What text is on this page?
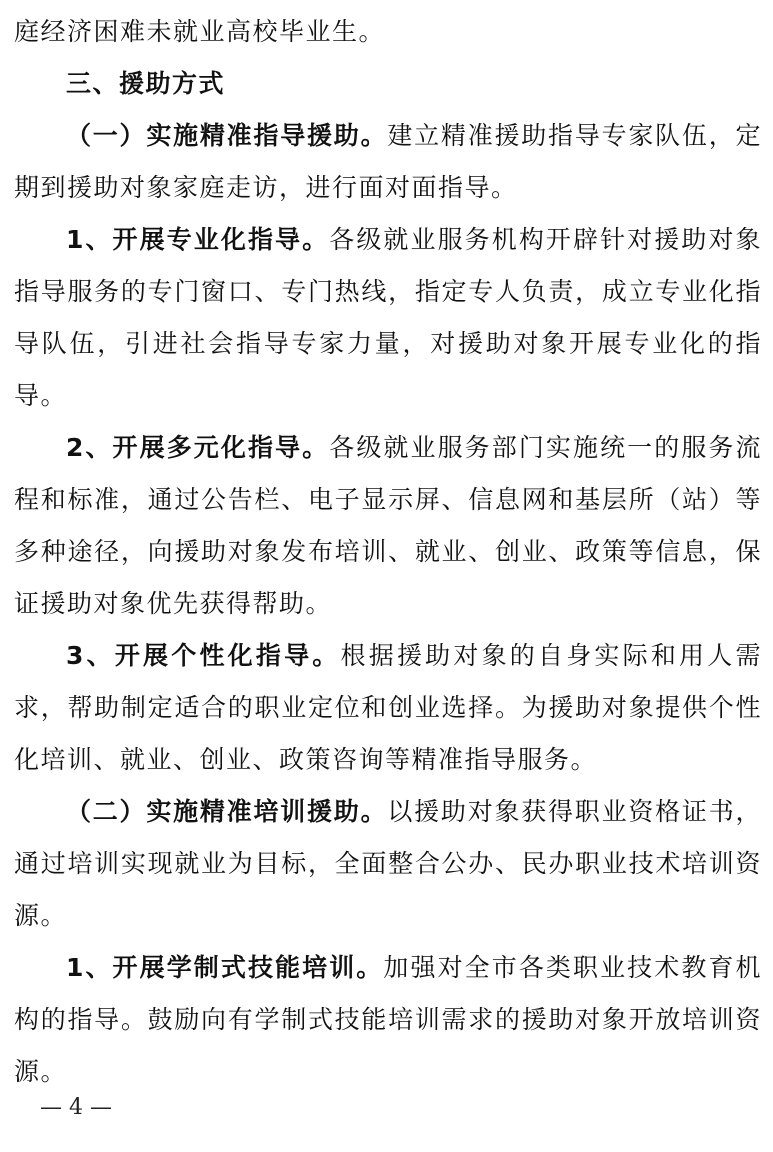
庭经济困难未就业高校毕业生。

三、援助方式

（一）实施精准指导援助。建立精准援助指导专家队伍，定期到援助对象家庭走访，进行面对面指导。

1、开展专业化指导。各级就业服务机构开辟针对援助对象指导服务的专门窗口、专门热线，指定专人负责，成立专业化指导队伍，引进社会指导专家力量，对援助对象开展专业化的指导。

2、开展多元化指导。各级就业服务部门实施统一的服务流程和标准，通过公告栏、电子显示屏、信息网和基层所（站）等多种途径，向援助对象发布培训、就业、创业、政策等信息，保证援助对象优先获得帮助。

3、开展个性化指导。根据援助对象的自身实际和用人需求，帮助制定适合的职业定位和创业选择。为援助对象提供个性化培训、就业、创业、政策咨询等精准指导服务。

（二）实施精准培训援助。以援助对象获得职业资格证书，通过培训实现就业为目标，全面整合公办、民办职业技术培训资源。

1、开展学制式技能培训。加强对全市各类职业技术教育机构的指导。鼓励向有学制式技能培训需求的援助对象开放培训资源。

— 4 —
